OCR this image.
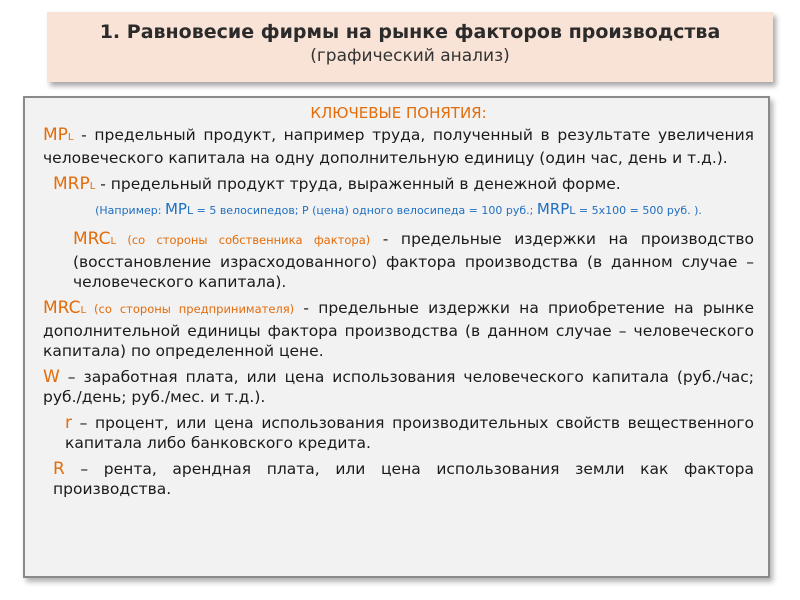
1. Равновесие фирмы на рынке факторов производства
(графический анализ)
КЛЮЧЕВЫЕ ПОНЯТИЯ:
MPL - предельный продукт, например труда, полученный в результате увеличения человеческого капитала на одну дополнительную единицу (один час, день и т.д.).
MRPL - предельный продукт труда, выраженный в денежной форме.
(Например: MPL = 5 велосипедов; Р (цена) одного велосипеда = 100 руб.; MRPL = 5х100 = 500 руб. ).
MRCL (со стороны собственника фактора) - предельные издержки на производство (восстановление израсходованного) фактора производства (в данном случае – человеческого капитала).
MRCL (со стороны предпринимателя) - предельные издержки на приобретение на рынке дополнительной единицы фактора производства (в данном случае – человеческого капитала) по определенной цене.
W – заработная плата, или цена использования человеческого капитала (руб./час; руб./день; руб./мес. и т.д.).
r – процент, или цена использования производительных свойств вещественного капитала либо банковского кредита.
R – рента, арендная плата, или цена использования земли как фактора производства.
